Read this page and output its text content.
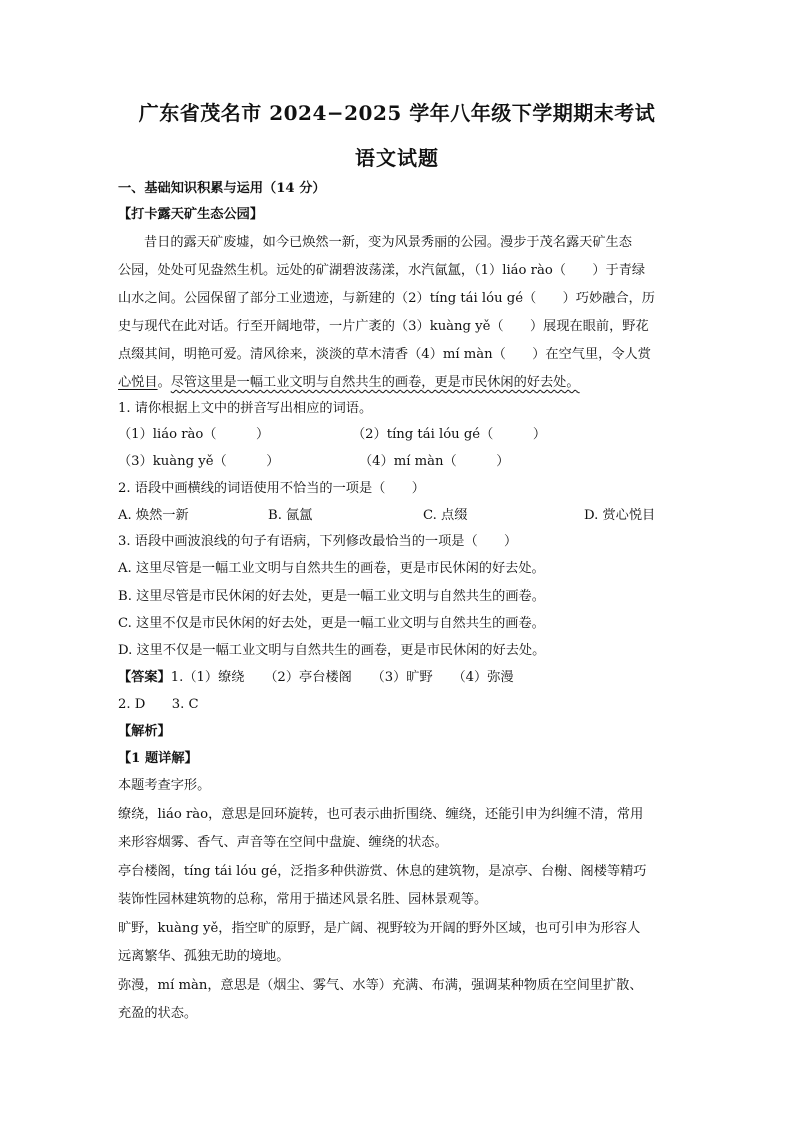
广东省茂名市 2024−2025 学年八年级下学期期末考试
语文试题
一、基础知识积累与运用（14 分）
【打卡露天矿生态公园】
昔日的露天矿废墟，如今已焕然一新，变为风景秀丽的公园。漫步于茂名露天矿生态
公园，处处可见盎然生机。远处的矿湖碧波荡漾，水汽氤氲，（1）liáo rào（　　）于青绿
山水之间。公园保留了部分工业遗迹，与新建的（2）tíng tái lóu gé（　　）巧妙融合，历
史与现代在此对话。行至开阔地带，一片广袤的（3）kuàng yě（　　）展现在眼前，野花
点缀其间，明艳可爱。清风徐来，淡淡的草木清香（4）mí màn（　　）在空气里，令人赏
心悦目。尽管这里是一幅工业文明与自然共生的画卷，更是市民休闲的好去处。
1. 请你根据上文中的拼音写出相应的词语。
（1）liáo rào（　　　）	（2）tíng tái lóu gé（　　　）
（3）kuàng yě（　　　）	（4）mí màn（　　　）
2. 语段中画横线的词语使用不恰当的一项是（　　）
A. 焕然一新	B. 氤氲	C. 点缀	D. 赏心悦目
3. 语段中画波浪线的句子有语病，下列修改最恰当的一项是（　　）
A. 这里尽管是一幅工业文明与自然共生的画卷，更是市民休闲的好去处。
B. 这里尽管是市民休闲的好去处，更是一幅工业文明与自然共生的画卷。
C. 这里不仅是市民休闲的好去处，更是一幅工业文明与自然共生的画卷。
D. 这里不仅是一幅工业文明与自然共生的画卷，更是市民休闲的好去处。
【答案】1.（1）缭绕　　（2）亭台楼阁　　（3）旷野　　（4）弥漫
2. D　　3. C
【解析】
【1 题详解】
本题考查字形。
缭绕，liáo rào，意思是回环旋转，也可表示曲折围绕、缠绕，还能引申为纠缠不清，常用
来形容烟雾、香气、声音等在空间中盘旋、缠绕的状态。
亭台楼阁，tíng tái lóu gé，泛指多种供游赏、休息的建筑物，是凉亭、台榭、阁楼等精巧
装饰性园林建筑物的总称，常用于描述风景名胜、园林景观等。
旷野，kuàng yě，指空旷的原野，是广阔、视野较为开阔的野外区域，也可引申为形容人
远离繁华、孤独无助的境地。
弥漫，mí màn，意思是（烟尘、雾气、水等）充满、布满，强调某种物质在空间里扩散、
充盈的状态。
